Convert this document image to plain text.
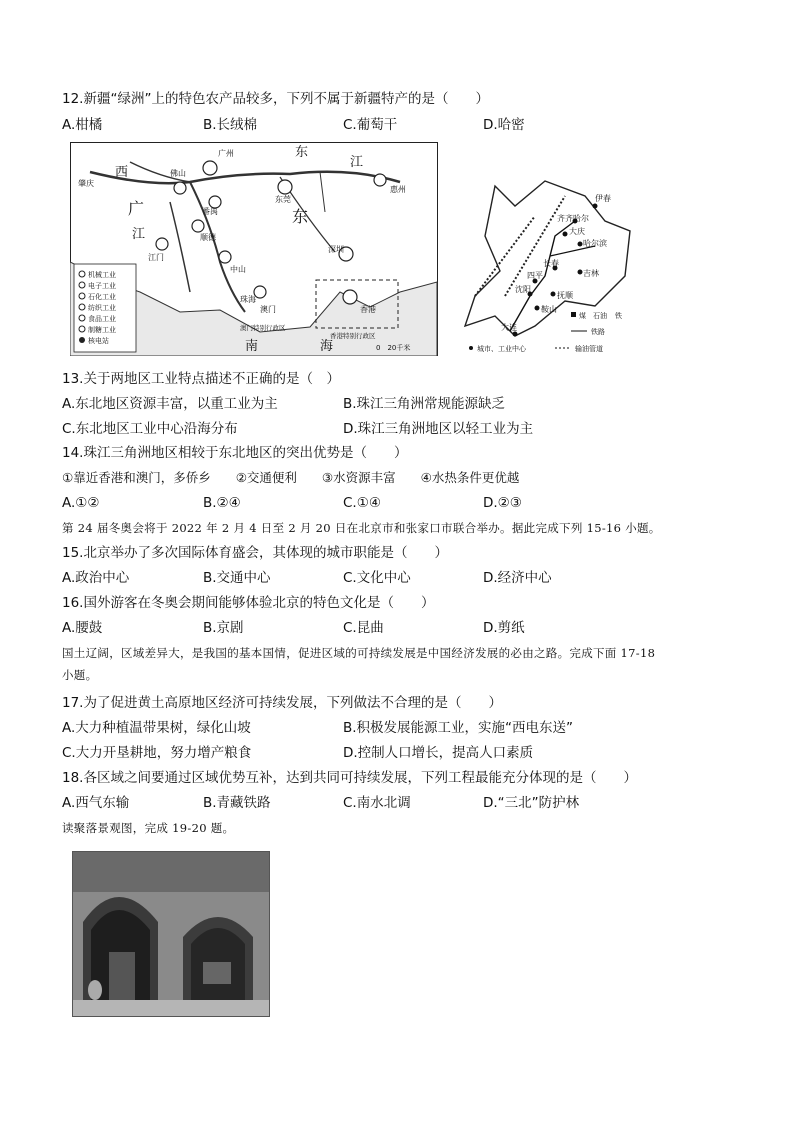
12.新疆“绿洲”上的特色农产品较多，下列不属于新疆特产的是（　　）
A.柑橘	B.长绒棉	C.葡萄干	D.哈密
机械工业
电子工业
石化工业
纺织工业
食品工业
制糖工业
核电站
广州
肇庆
佛山
惠州
番禺
顺德
东莞
江门
中山
深圳
香港
珠海
澳门
香港特别行政区
澳门特别行政区
东
江
西
广	东
江
南	海	0　20千米
齐齐哈尔
伊春
大庆
哈尔滨
长春
吉林
四平
沈阳
抚顺
鞍山
大连
煤 石油 铁
铁路
城市、工业中心	输油管道
13.关于两地区工业特点描述不正确的是（　）
A.东北地区资源丰富，以重工业为主	B.珠江三角洲常规能源缺乏
C.东北地区工业中心沿海分布	D.珠江三角洲地区以轻工业为主
14.珠江三角洲地区相较于东北地区的突出优势是（　　）
①靠近香港和澳门，多侨乡　　②交通便利　　③水资源丰富　　④水热条件更优越
A.①②	B.②④	C.①④	D.②③
第 24 届冬奥会将于 2022 年 2 月 4 日至 2 月 20 日在北京市和张家口市联合举办。据此完成下列 15-16 小题。
15.北京举办了多次国际体育盛会，其体现的城市职能是（　　）
A.政治中心	B.交通中心	C.文化中心	D.经济中心
16.国外游客在冬奥会期间能够体验北京的特色文化是（　　）
A.腰鼓	B.京剧	C.昆曲	D.剪纸
国土辽阔，区域差异大，是我国的基本国情，促进区域的可持续发展是中国经济发展的必由之路。完成下面 17-18
小题。
17.为了促进黄土高原地区经济可持续发展，下列做法不合理的是（　　）
A.大力种植温带果树，绿化山坡	B.积极发展能源工业，实施“西电东送”
C.大力开垦耕地，努力增产粮食	D.控制人口增长，提高人口素质
18.各区域之间要通过区域优势互补，达到共同可持续发展，下列工程最能充分体现的是（　　）
A.西气东输	B.青藏铁路	C.南水北调	D.“三北”防护林
读聚落景观图，完成 19-20 题。
